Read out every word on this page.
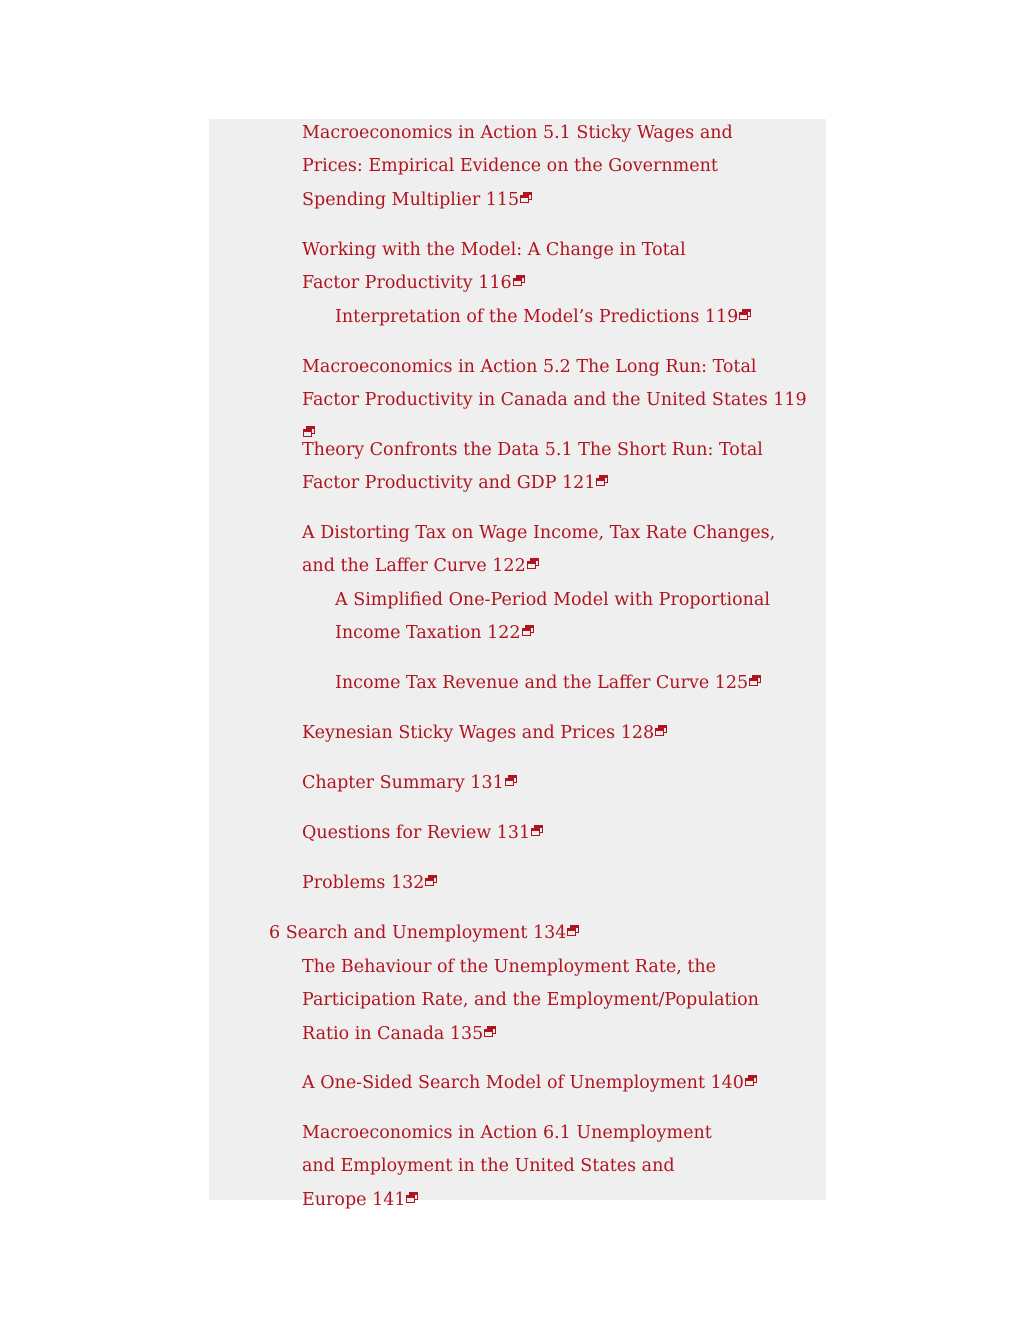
Macroeconomics in Action 5.1 Sticky Wages and Prices: Empirical Evidence on the Government Spending Multiplier 115
Working with the Model: A Change in Total Factor Productivity 116
Interpretation of the Model’s Predictions 119
Macroeconomics in Action 5.2 The Long Run: Total Factor Productivity in Canada and the United States 119
Theory Confronts the Data 5.1 The Short Run: Total Factor Productivity and GDP 121
A Distorting Tax on Wage Income, Tax Rate Changes, and the Laffer Curve 122
A Simplified One-Period Model with Proportional Income Taxation 122
Income Tax Revenue and the Laffer Curve 125
Keynesian Sticky Wages and Prices 128
Chapter Summary 131
Questions for Review 131
Problems 132
6 Search and Unemployment 134
The Behaviour of the Unemployment Rate, the Participation Rate, and the Employment/Population Ratio in Canada 135
A One-Sided Search Model of Unemployment 140
Macroeconomics in Action 6.1 Unemployment and Employment in the United States and Europe 141
